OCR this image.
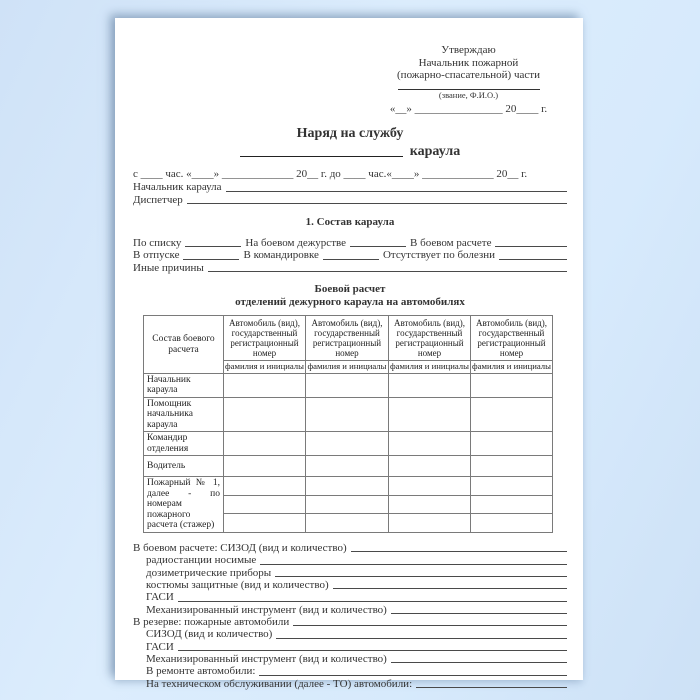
Утверждаю
Начальник пожарной
(пожарно-спасательной) части
(звание, Ф.И.О.)
«__» ________________ 20____ г.
Наряд на службу
караула
с ____ час. «____» _____________ 20__ г. до ____ час.«____» _____________ 20__ г.
Начальник караула
Диспетчер
1. Состав караула
По списку	На боевом дежурстве	В боевом расчете
В отпуске	В командировке	Отсутствует по болезни
Иные причины
Боевой расчет
отделений дежурного караула на автомобилях
Состав боевого расчета	Автомобиль (вид), государственный регистрационный номер	Автомобиль (вид), государственный регистрационный номер	Автомобиль (вид), государственный регистрационный номер	Автомобиль (вид), государственный регистрационный номер
	фамилия и инициалы	фамилия и инициалы	фамилия и инициалы	фамилия и инициалы
Начальник караула				
Помощник начальника караула				
Командир отделения				
Водитель				
Пожарный № 1, далее - по номерам пожарного расчета (стажер)				

В боевом расчете: СИЗОД (вид и количество)
радиостанции носимые
дозиметрические приборы
костюмы защитные (вид и количество)
ГАСИ
Механизированный инструмент (вид и количество)
В резерве: пожарные автомобили
СИЗОД (вид и количество)
ГАСИ
Механизированный инструмент (вид и количество)
В ремонте автомобили:
На техническом обслуживании (далее - ТО) автомобили:
